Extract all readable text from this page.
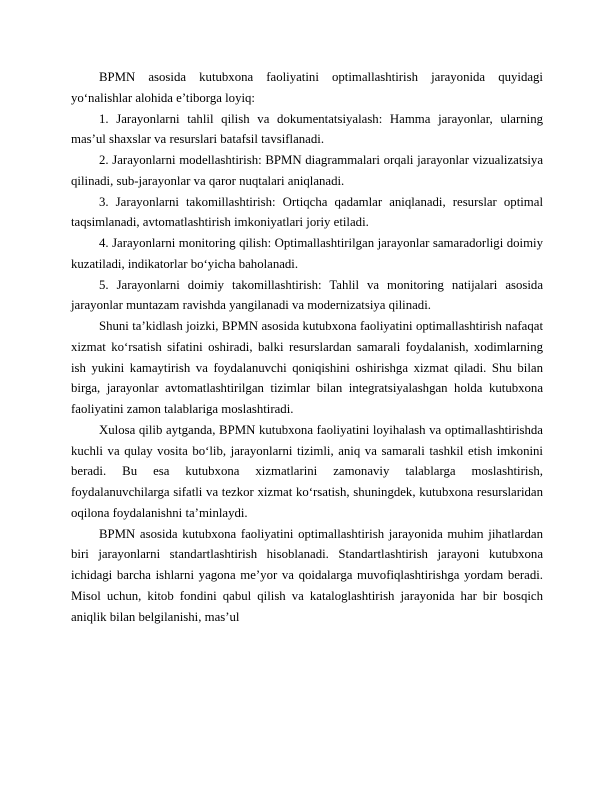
BPMN asosida kutubxona faoliyatini optimallashtirish jarayonida quyidagi yo‘nalishlar alohida e’tiborga loyiq:

1. Jarayonlarni tahlil qilish va dokumentatsiyalash: Hamma jarayonlar, ularning mas’ul shaxslar va resurslari batafsil tavsiflanadi.

2. Jarayonlarni modellashtirish: BPMN diagrammalari orqali jarayonlar vizualizatsiya qilinadi, sub-jarayonlar va qaror nuqtalari aniqlanadi.

3. Jarayonlarni takomillashtirish: Ortiqcha qadamlar aniqlanadi, resurslar optimal taqsimlanadi, avtomatlashtirish imkoniyatlari joriy etiladi.

4. Jarayonlarni monitoring qilish: Optimallashtirilgan jarayonlar samaradorligi doimiy kuzatiladi, indikatorlar bo‘yicha baholanadi.

5. Jarayonlarni doimiy takomillashtirish: Tahlil va monitoring natijalari asosida jarayonlar muntazam ravishda yangilanadi va modernizatsiya qilinadi.

Shuni ta’kidlash joizki, BPMN asosida kutubxona faoliyatini optimallashtirish nafaqat xizmat ko‘rsatish sifatini oshiradi, balki resurslardan samarali foydalanish, xodimlarning ish yukini kamaytirish va foydalanuvchi qoniqishini oshirishga xizmat qiladi. Shu bilan birga, jarayonlar avtomatlashtirilgan tizimlar bilan integratsiyalashgan holda kutubxona faoliyatini zamon talablariga moslashtiradi.

Xulosa qilib aytganda, BPMN kutubxona faoliyatini loyihalash va optimallashtirishda kuchli va qulay vosita bo‘lib, jarayonlarni tizimli, aniq va samarali tashkil etish imkonini beradi. Bu esa kutubxona xizmatlarini zamonaviy talablarga moslashtirish, foydalanuvchilarga sifatli va tezkor xizmat ko‘rsatish, shuningdek, kutubxona resurslaridan oqilona foydalanishni ta’minlaydi.

BPMN asosida kutubxona faoliyatini optimallashtirish jarayonida muhim jihatlardan biri jarayonlarni standartlashtirish hisoblanadi. Standartlashtirish jarayoni kutubxona ichidagi barcha ishlarni yagona me’yor va qoidalarga muvofiqlashtirishga yordam beradi. Misol uchun, kitob fondini qabul qilish va kataloglashtirish jarayonida har bir bosqich aniqlik bilan belgilanishi, mas’ul
